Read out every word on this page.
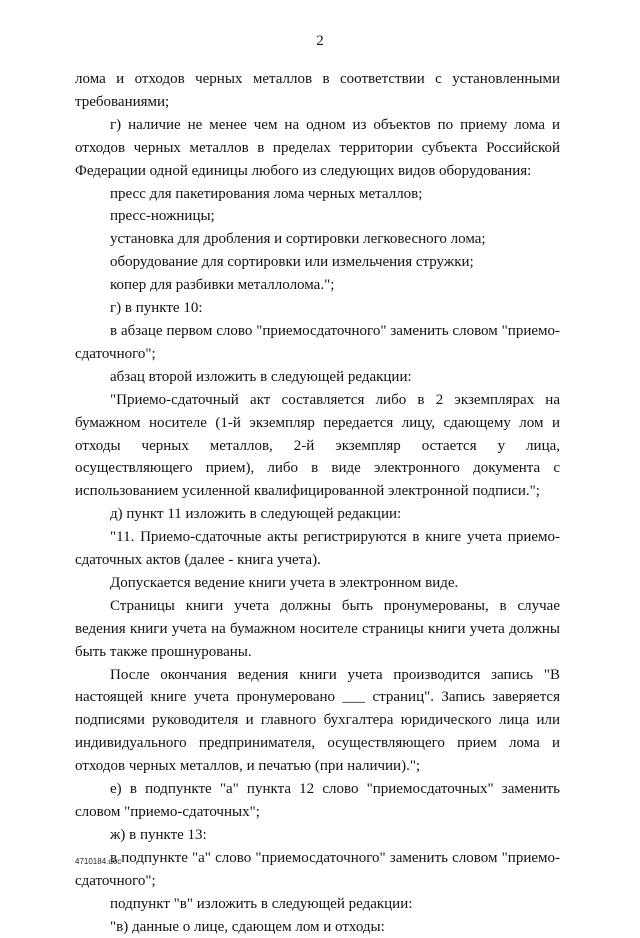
2

лома и отходов черных металлов в соответствии с установленными требованиями;

г) наличие не менее чем на одном из объектов по приему лома и отходов черных металлов в пределах территории субъекта Российской Федерации одной единицы любого из следующих видов оборудования:

пресс для пакетирования лома черных металлов;

пресс-ножницы;

установка для дробления и сортировки легковесного лома;

оборудование для сортировки или измельчения стружки;

копер для разбивки металлолома.";

г) в пункте 10:

в абзаце первом слово "приемосдаточного" заменить словом "приемо-сдаточного";

абзац второй изложить в следующей редакции:

"Приемо-сдаточный акт составляется либо в 2 экземплярах на бумажном носителе (1-й экземпляр передается лицу, сдающему лом и отходы черных металлов, 2-й экземпляр остается у лица, осуществляющего прием), либо в виде электронного документа с использованием усиленной квалифицированной электронной подписи.";

д) пункт 11 изложить в следующей редакции:

"11. Приемо-сдаточные акты регистрируются в книге учета приемо-сдаточных актов (далее - книга учета).

Допускается ведение книги учета в электронном виде.

Страницы книги учета должны быть пронумерованы, в случае ведения книги учета на бумажном носителе страницы книги учета должны быть также прошнурованы.

После окончания ведения книги учета производится запись "В настоящей книге учета пронумеровано ___ страниц". Запись заверяется подписями руководителя и главного бухгалтера юридического лица или индивидуального предпринимателя, осуществляющего прием лома и отходов черных металлов, и печатью (при наличии).";

е) в подпункте "а" пункта 12 слово "приемосдаточных" заменить словом "приемо-сдаточных";

ж) в пункте 13:

в подпункте "а" слово "приемосдаточного" заменить словом "приемо-сдаточного";

подпункт "в" изложить в следующей редакции:

"в) данные о лице, сдающем лом и отходы:

4710184.doc
